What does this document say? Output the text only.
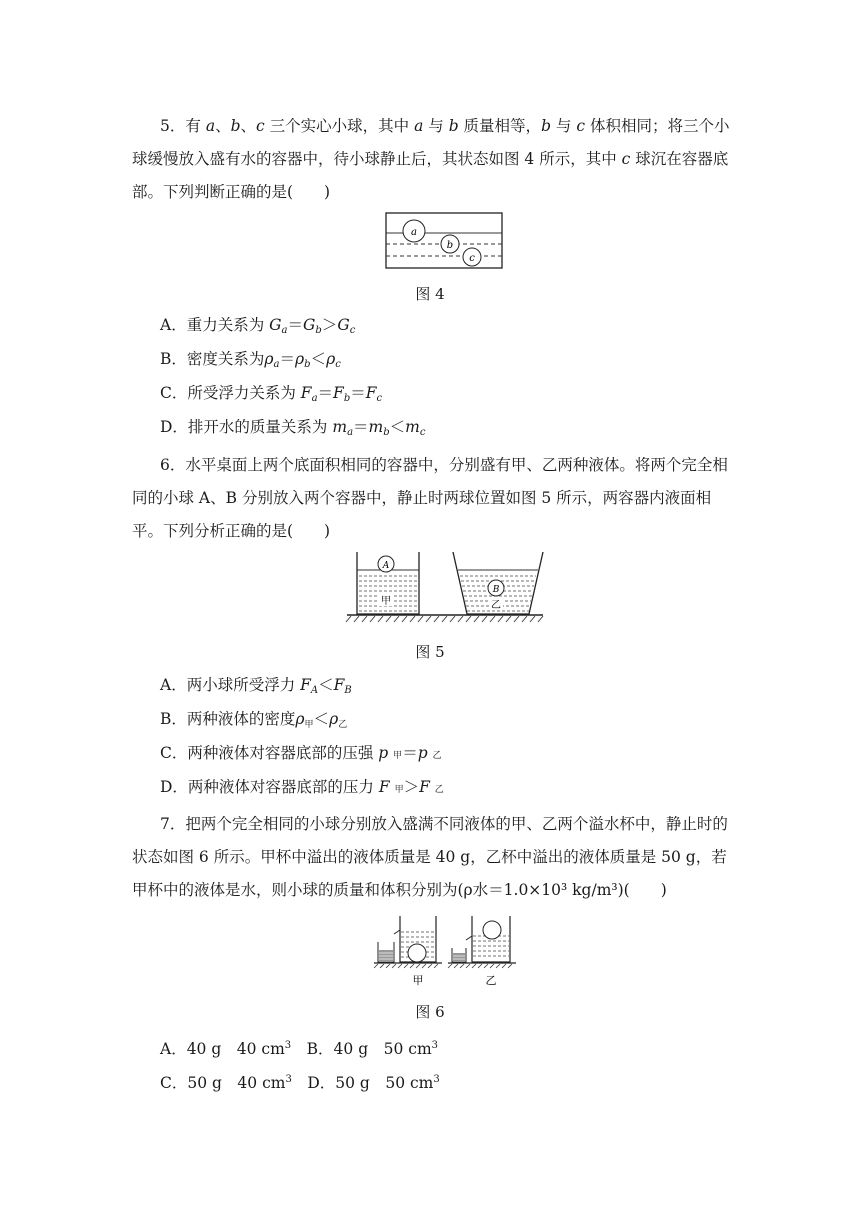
5．有 a、b、c 三个实心小球，其中 a 与 b 质量相等，b 与 c 体积相同；将三个小球缓慢放入盛有水的容器中，待小球静止后，其状态如图 4 所示，其中 c 球沉在容器底部。下列判断正确的是(　　)

a
b
c
图 4

A．重力关系为 $G_a=G_b>G_c$

B．密度关系为$\rho_a=\rho_b<\rho_c$

C．所受浮力关系为 $F_a=F_b=F_c$

D．排开水的质量关系为 $m_a=m_b<m_c$

6．水平桌面上两个底面积相同的容器中，分别盛有甲、乙两种液体。将两个完全相同的小球 A、B 分别放入两个容器中，静止时两球位置如图 5 所示，两容器内液面相平。下列分析正确的是(　　)

A
甲
B
乙
图 5

A．两小球所受浮力 $F_A<F_B$

B．两种液体的密度$\rho_甲<\rho_乙$

C．两种液体对容器底部的压强 p 甲＝p 乙

D．两种液体对容器底部的压力 F 甲＞F 乙

7．把两个完全相同的小球分别放入盛满不同液体的甲、乙两个溢水杯中，静止时的状态如图 6 所示。甲杯中溢出的液体质量是 40 g，乙杯中溢出的液体质量是 50 g，若甲杯中的液体是水，则小球的质量和体积分别为(ρ水＝1.0×10³ kg/m³)(　　)

甲	乙
图 6

A．40 g　40 $cm^3$　B．40 g　50 $cm^3$

C．50 g　40 $cm^3$　D．50 g　50 $cm^3$
